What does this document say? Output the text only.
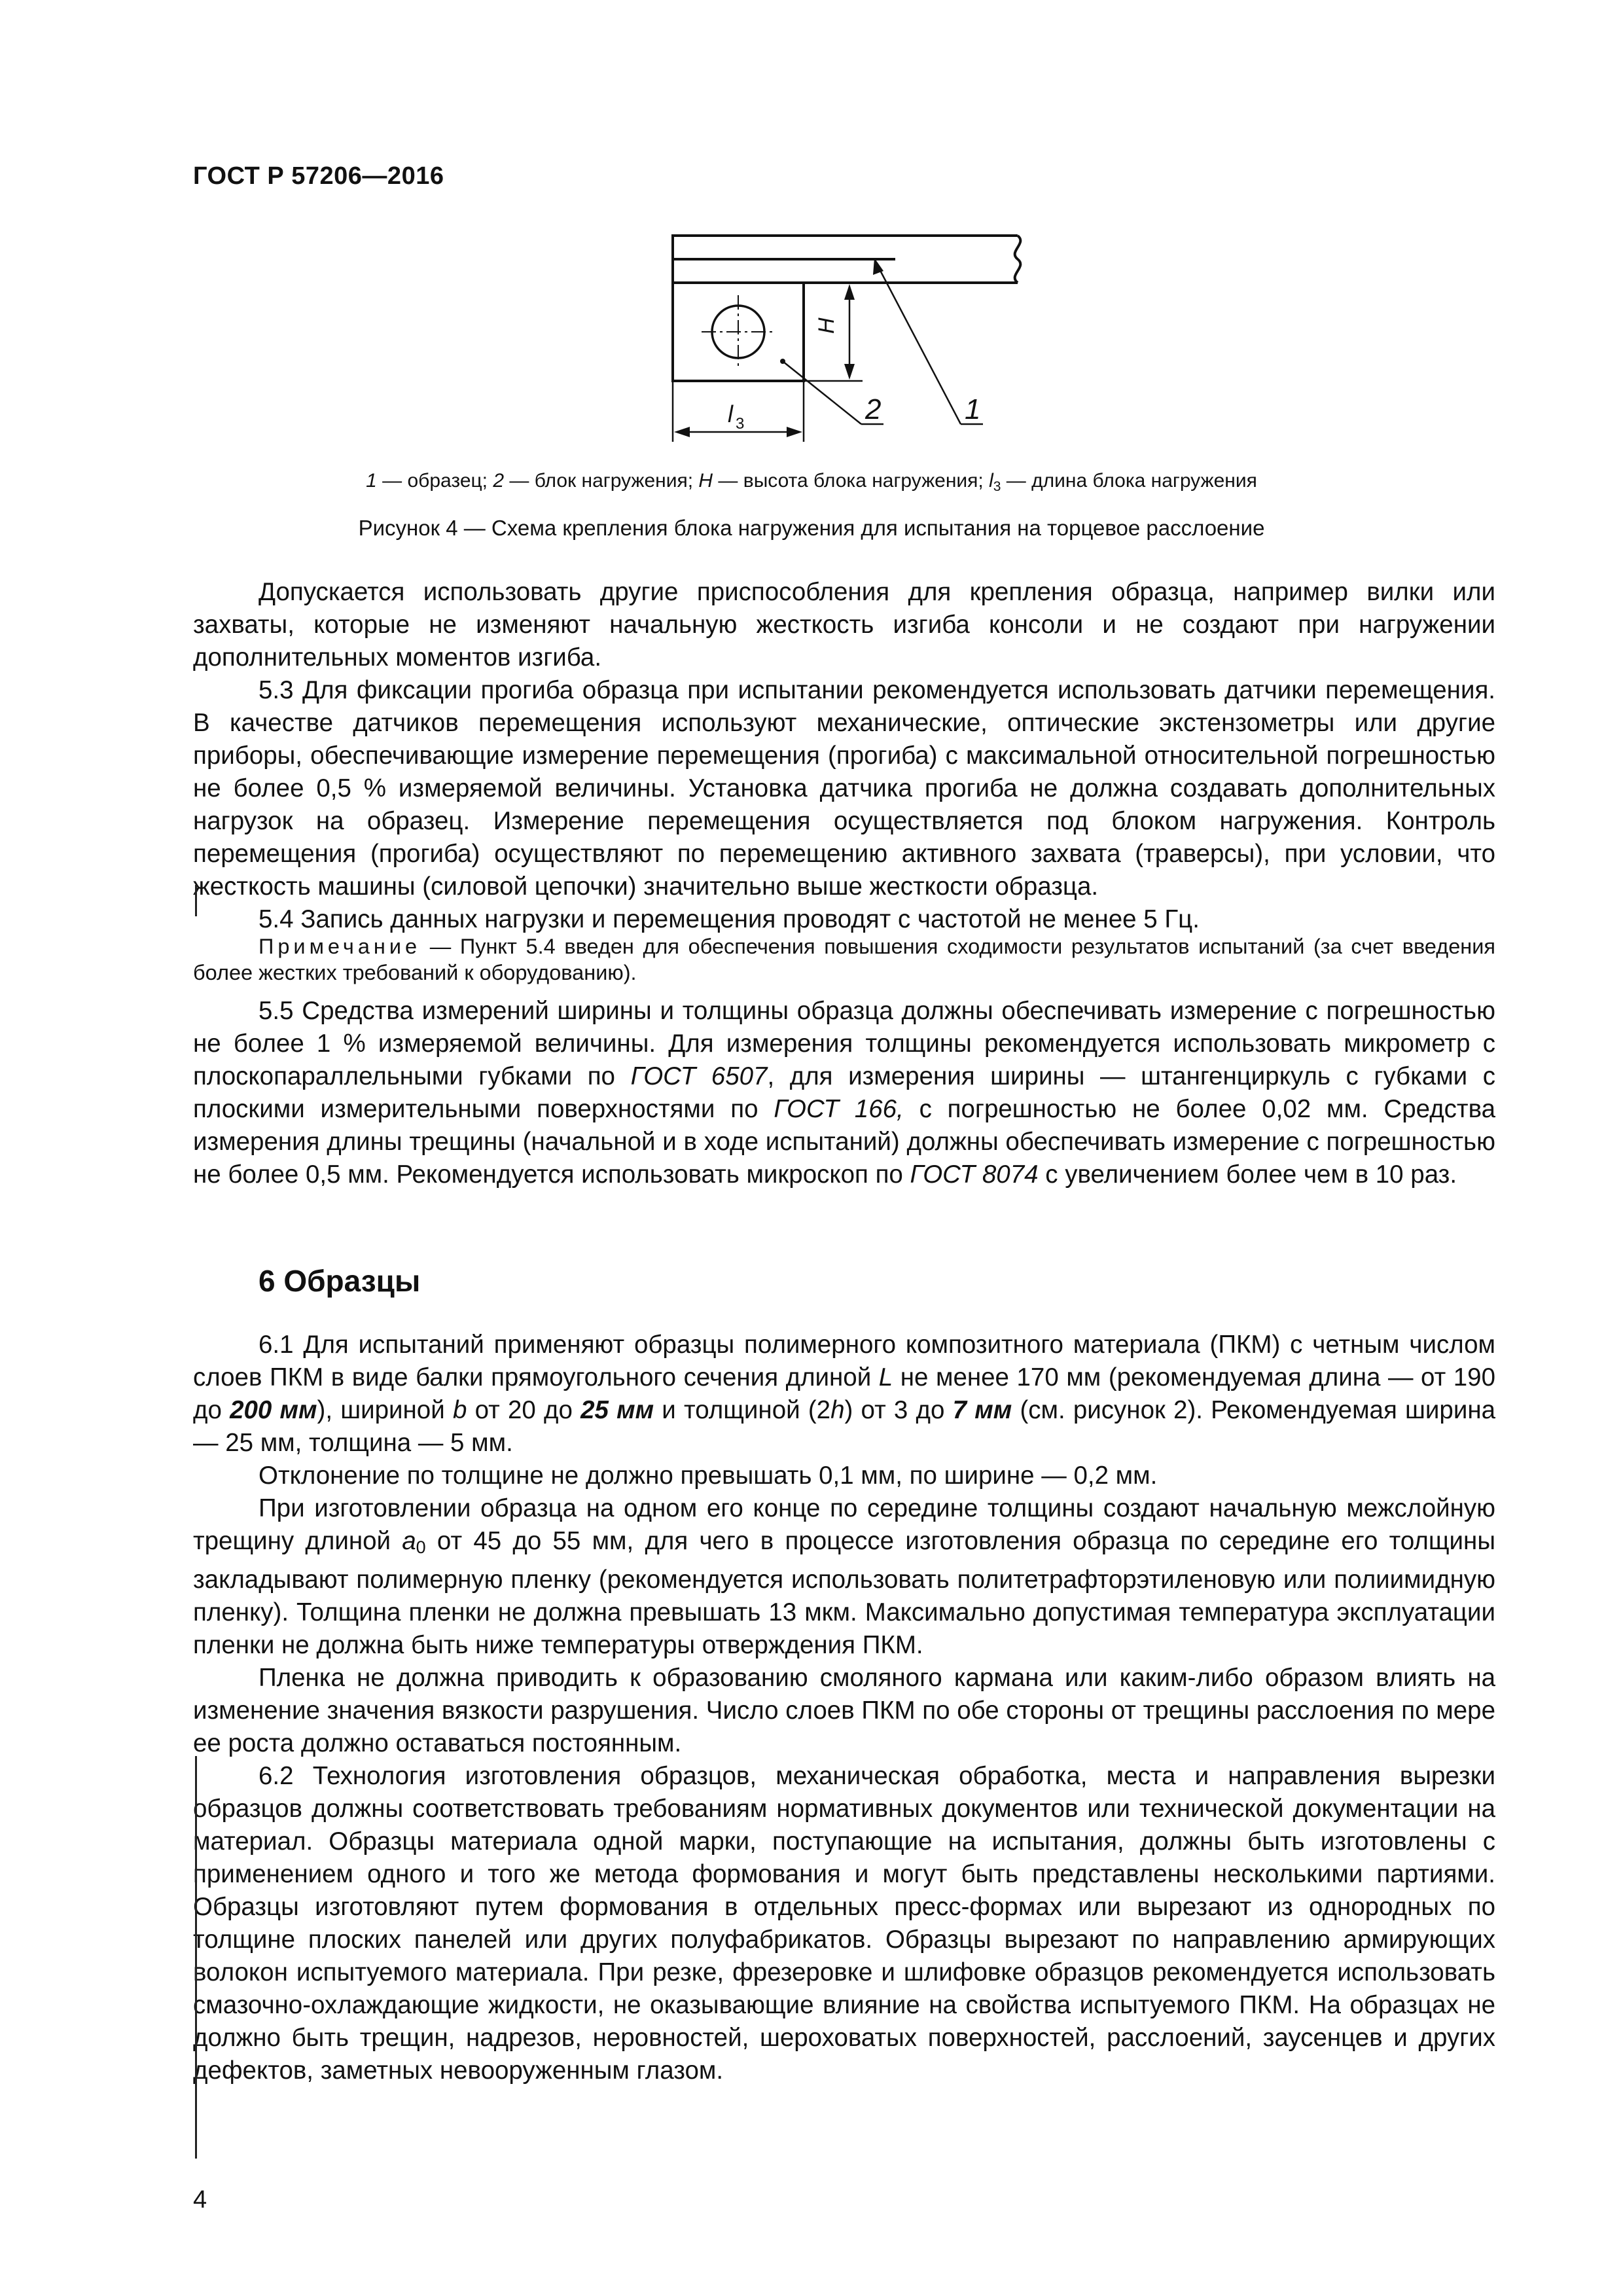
ГОСТ Р 57206—2016
H
l 3	2	1
1 — образец; 2 — блок нагружения; H — высота блока нагружения; $l_3$ — длина блока нагружения
Рисунок 4 — Схема крепления блока нагружения для испытания на торцевое расслоение

Допускается использовать другие приспособления для крепления образца, например вилки или захваты, которые не изменяют начальную жесткость изгиба консоли и не создают при нагружении дополнительных моментов изгиба.

5.3 Для фиксации прогиба образца при испытании рекомендуется использовать датчики перемещения. В качестве датчиков перемещения используют механические, оптические экстензометры или другие приборы, обеспечивающие измерение перемещения (прогиба) с максимальной относительной погрешностью не более 0,5 % измеряемой величины. Установка датчика прогиба не должна создавать дополнительных нагрузок на образец. Измерение перемещения осуществляется под блоком нагружения. Контроль перемещения (прогиба) осуществляют по перемещению активного захвата (траверсы), при условии, что жесткость машины (силовой цепочки) значительно выше жесткости образца.

5.4 Запись данных нагрузки и перемещения проводят с частотой не менее 5 Гц.

Примечание — Пункт 5.4 введен для обеспечения повышения сходимости результатов испытаний (за счет введения более жестких требований к оборудованию).

5.5 Средства измерений ширины и толщины образца должны обеспечивать измерение с погрешностью не более 1 % измеряемой величины. Для измерения толщины рекомендуется использовать микрометр с плоскопараллельными губками по ГОСТ 6507, для измерения ширины — штангенциркуль с губками с плоскими измерительными поверхностями по ГОСТ 166, с погрешностью не более 0,02 мм. Средства измерения длины трещины (начальной и в ходе испытаний) должны обеспечивать измерение с погрешностью не более 0,5 мм. Рекомендуется использовать микроскоп по ГОСТ 8074 с увеличением более чем в 10 раз.

6 Образцы

6.1 Для испытаний применяют образцы полимерного композитного материала (ПКМ) с четным числом слоев ПКМ в виде балки прямоугольного сечения длиной L не менее 170 мм (рекомендуемая длина — от 190 до 200 мм), шириной b от 20 до 25 мм и толщиной (2h) от 3 до 7 мм (см. рисунок 2). Рекомендуемая ширина — 25 мм, толщина — 5 мм.

Отклонение по толщине не должно превышать 0,1 мм, по ширине — 0,2 мм.

При изготовлении образца на одном его конце по середине толщины создают начальную межслойную трещину длиной $a_0$ от 45 до 55 мм, для чего в процессе изготовления образца по середине его толщины закладывают полимерную пленку (рекомендуется использовать политетрафторэтиленовую или полиимидную пленку). Толщина пленки не должна превышать 13 мкм. Максимально допустимая температура эксплуатации пленки не должна быть ниже температуры отверждения ПКМ.

Пленка не должна приводить к образованию смоляного кармана или каким-либо образом влиять на изменение значения вязкости разрушения. Число слоев ПКМ по обе стороны от трещины расслоения по мере ее роста должно оставаться постоянным.

6.2 Технология изготовления образцов, механическая обработка, места и направления вырезки образцов должны соответствовать требованиям нормативных документов или технической документации на материал. Образцы материала одной марки, поступающие на испытания, должны быть изготовлены с применением одного и того же метода формования и могут быть представлены несколькими партиями. Образцы изготовляют путем формования в отдельных пресс-формах или вырезают из однородных по толщине плоских панелей или других полуфабрикатов. Образцы вырезают по направлению армирующих волокон испытуемого материала. При резке, фрезеровке и шлифовке образцов рекомендуется использовать смазочно-охлаждающие жидкости, не оказывающие влияние на свойства испытуемого ПКМ. На образцах не должно быть трещин, надрезов, неровностей, шероховатых поверхностей, расслоений, заусенцев и других дефектов, заметных невооруженным глазом.

4
